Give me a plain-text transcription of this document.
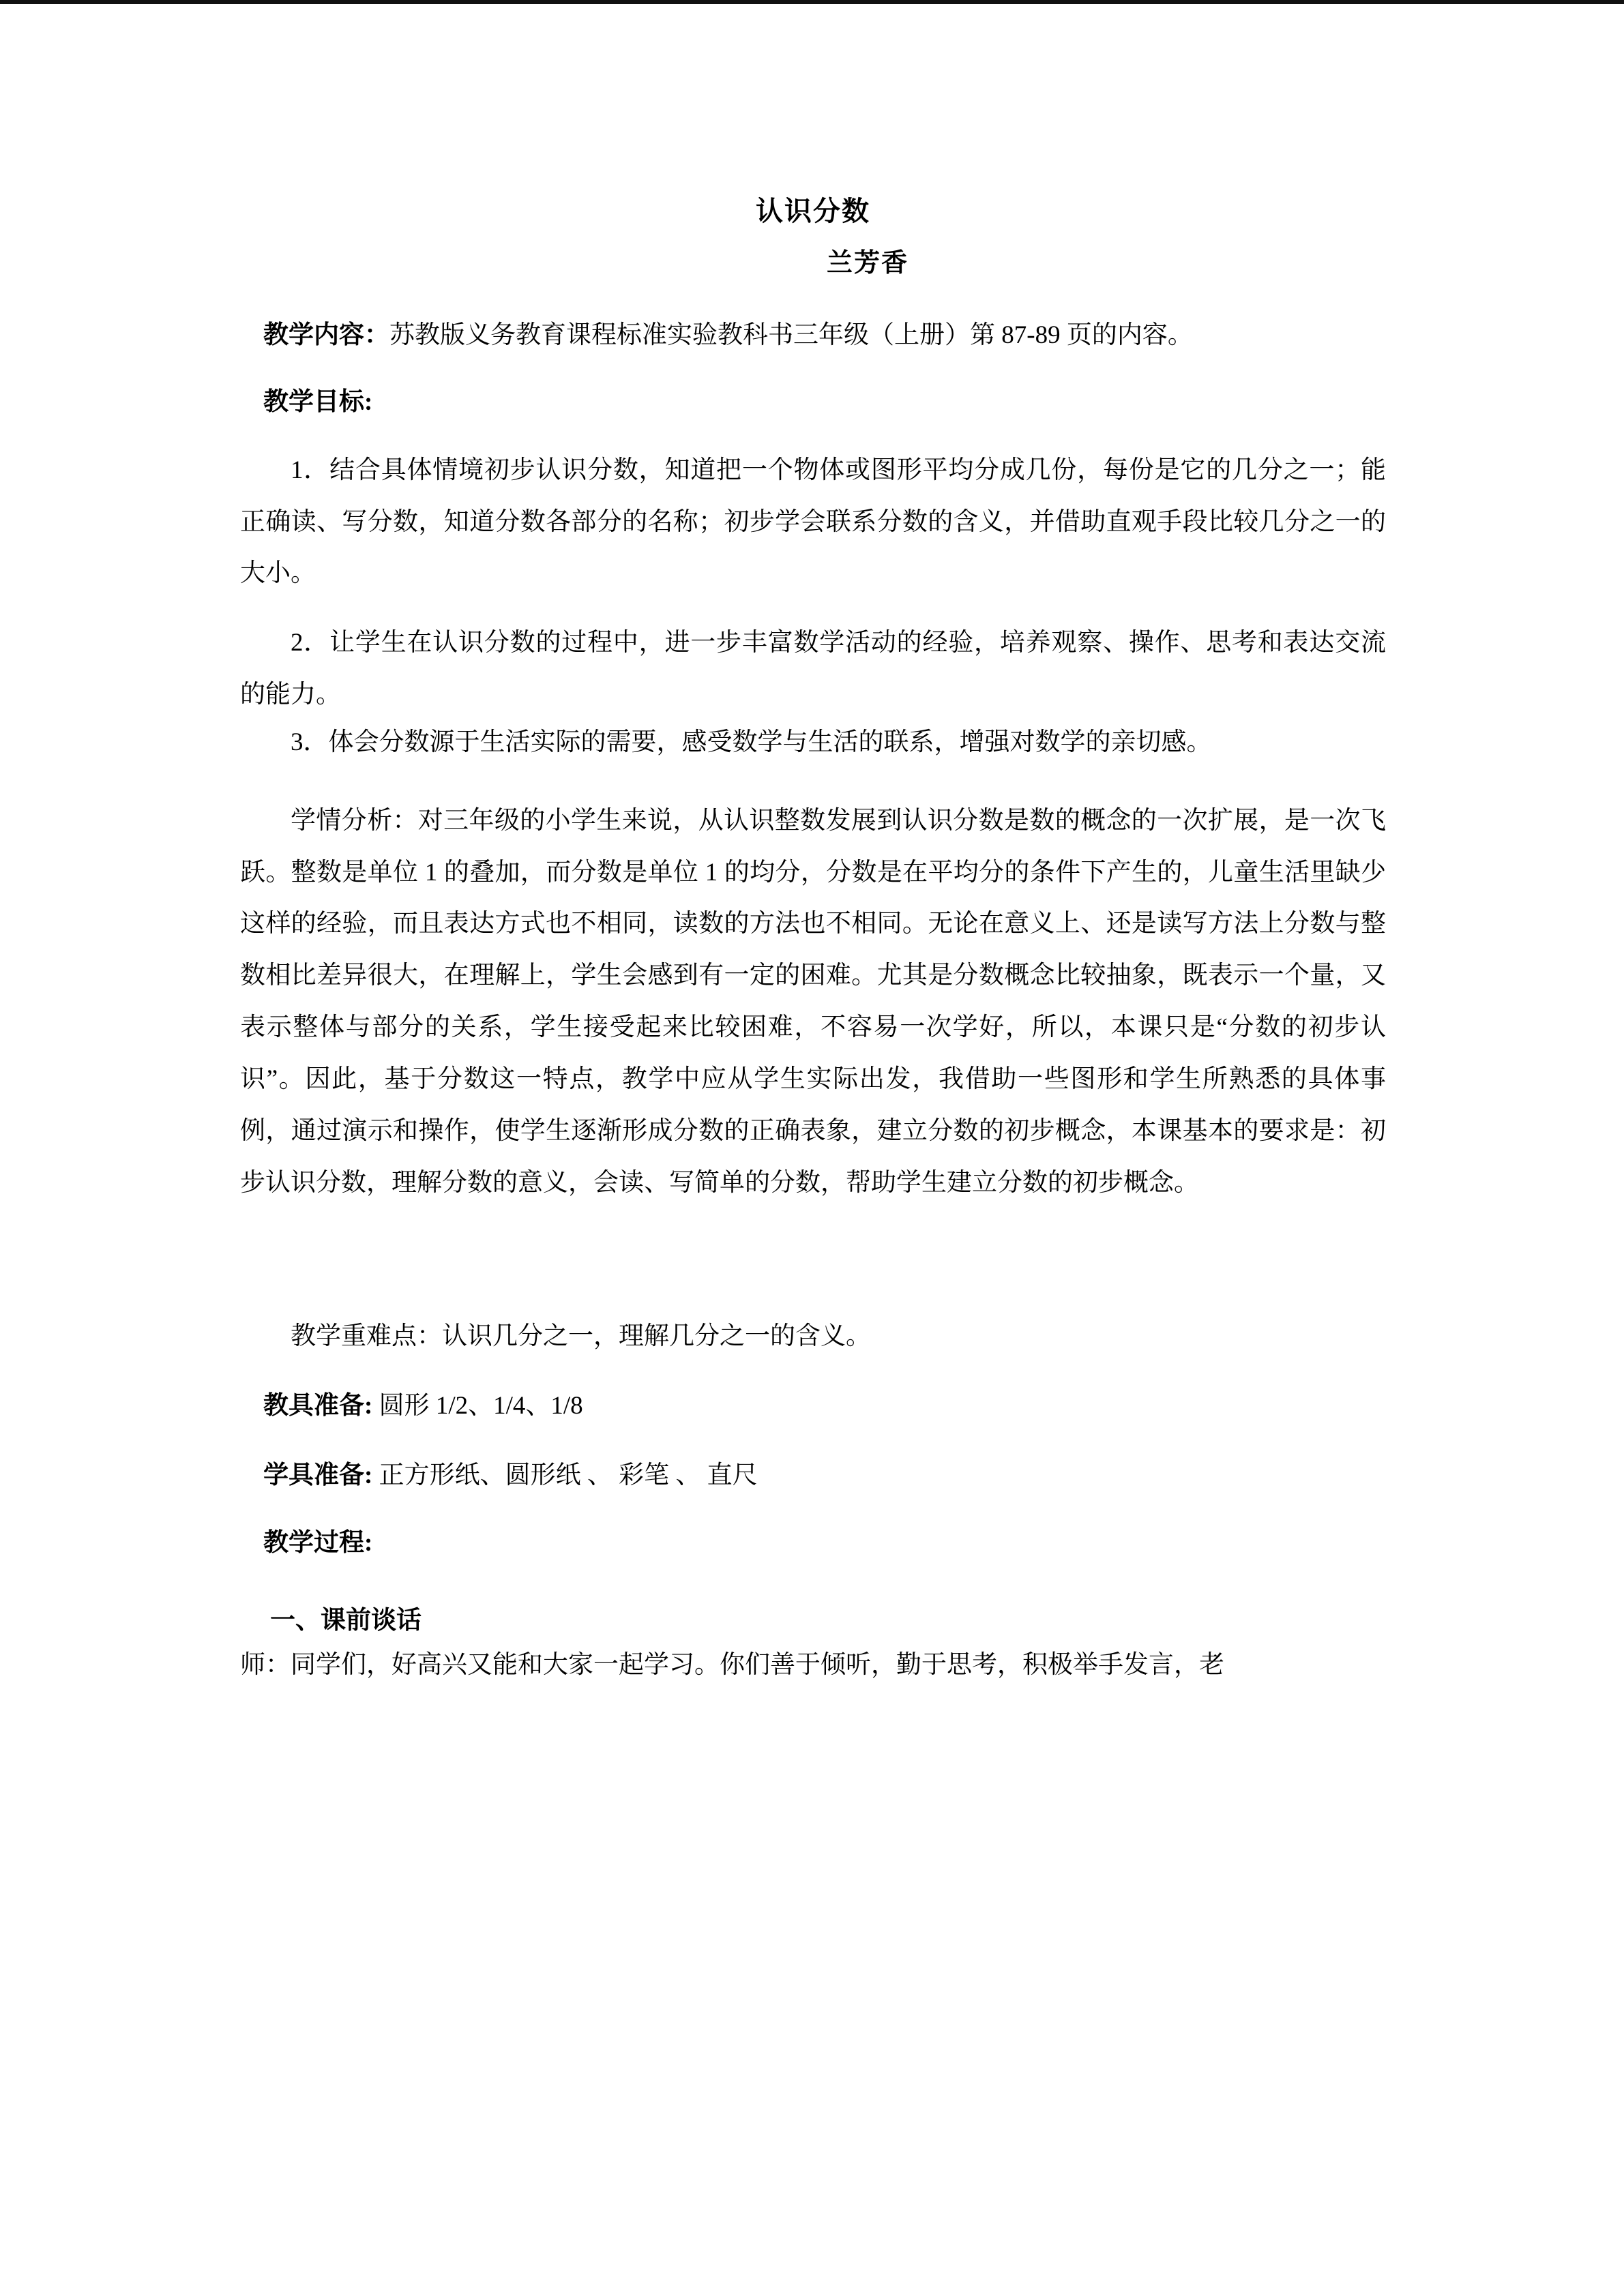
认识分数
兰芳香

教学内容：苏教版义务教育课程标准实验教科书三年级（上册）第 87-89 页的内容。

教学目标:

1．结合具体情境初步认识分数，知道把一个物体或图形平均分成几份，每份是它的几分之一；能正确读、写分数，知道分数各部分的名称；初步学会联系分数的含义，并借助直观手段比较几分之一的大小。

2．让学生在认识分数的过程中，进一步丰富数学活动的经验，培养观察、操作、思考和表达交流的能力。

3．体会分数源于生活实际的需要，感受数学与生活的联系，增强对数学的亲切感。

学情分析：对三年级的小学生来说，从认识整数发展到认识分数是数的概念的一次扩展，是一次飞跃。整数是单位 1 的叠加，而分数是单位 1 的均分，分数是在平均分的条件下产生的，儿童生活里缺少这样的经验，而且表达方式也不相同，读数的方法也不相同。无论在意义上、还是读写方法上分数与整数相比差异很大，在理解上，学生会感到有一定的困难。尤其是分数概念比较抽象，既表示一个量，又表示整体与部分的关系，学生接受起来比较困难，不容易一次学好，所以，本课只是“分数的初步认识”。因此，基于分数这一特点，教学中应从学生实际出发，我借助一些图形和学生所熟悉的具体事例，通过演示和操作，使学生逐渐形成分数的正确表象，建立分数的初步概念，本课基本的要求是：初步认识分数，理解分数的意义，会读、写简单的分数，帮助学生建立分数的初步概念。

教学重难点：认识几分之一，理解几分之一的含义。

教具准备: 圆形 1/2、1/4、1/8

学具准备: 正方形纸、圆形纸 、 彩笔 、 直尺

教学过程:

一、课前谈话

师：同学们，好高兴又能和大家一起学习。你们善于倾听，勤于思考，积极举手发言，老
